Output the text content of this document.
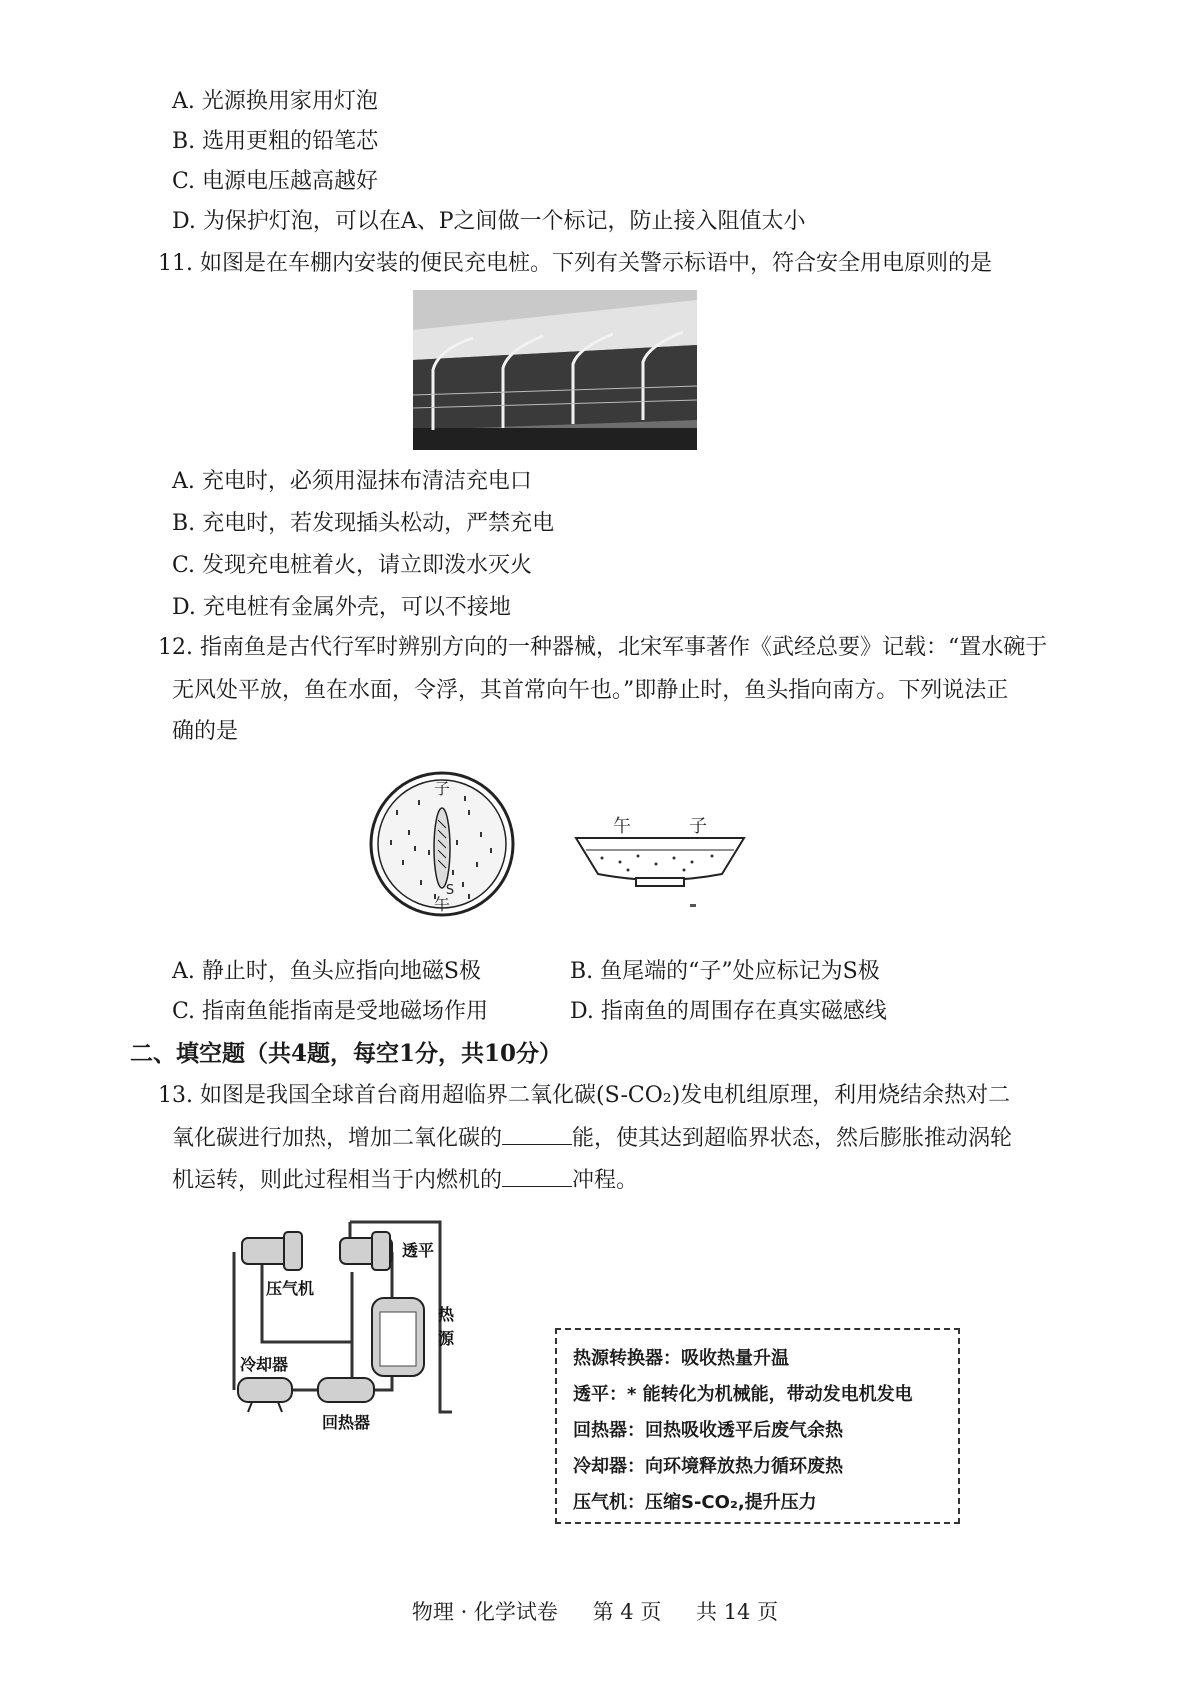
A. 光源换用家用灯泡
B. 选用更粗的铅笔芯
C. 电源电压越高越好
D. 为保护灯泡，可以在A、P之间做一个标记，防止接入阻值太小
11. 如图是在车棚内安装的便民充电桩。下列有关警示标语中，符合安全用电原则的是
A. 充电时，必须用湿抹布清洁充电口
B. 充电时，若发现插头松动，严禁充电
C. 发现充电桩着火，请立即泼水灭火
D. 充电桩有金属外壳，可以不接地
12. 指南鱼是古代行军时辨别方向的一种器械，北宋军事著作《武经总要》记载：“置水碗于
无风处平放，鱼在水面，令浮，其首常向午也。”即静止时，鱼头指向南方。下列说法正
确的是
子
S
午
午	子
A. 静止时，鱼头应指向地磁S极	B. 鱼尾端的“子”处应标记为S极
C. 指南鱼能指南是受地磁场作用	D. 指南鱼的周围存在真实磁感线
二、填空题（共4题，每空1分，共10分）
13. 如图是我国全球首台商用超临界二氧化碳(S-CO₂)发电机组原理，利用烧结余热对二
氧化碳进行加热，增加二氧化碳的	能，使其达到超临界状态，然后膨胀推动涡轮
机运转，则此过程相当于内燃机的	冲程。
压气机
透平
热
源
冷却器
回热器
热源转换器：吸收热量升温
透平：* 能转化为机械能，带动发电机发电
回热器：回热吸收透平后废气余热
冷却器：向环境释放热力循环废热
压气机：压缩S-CO₂,提升压力
物理 · 化学试卷 第 4 页 共 14 页
